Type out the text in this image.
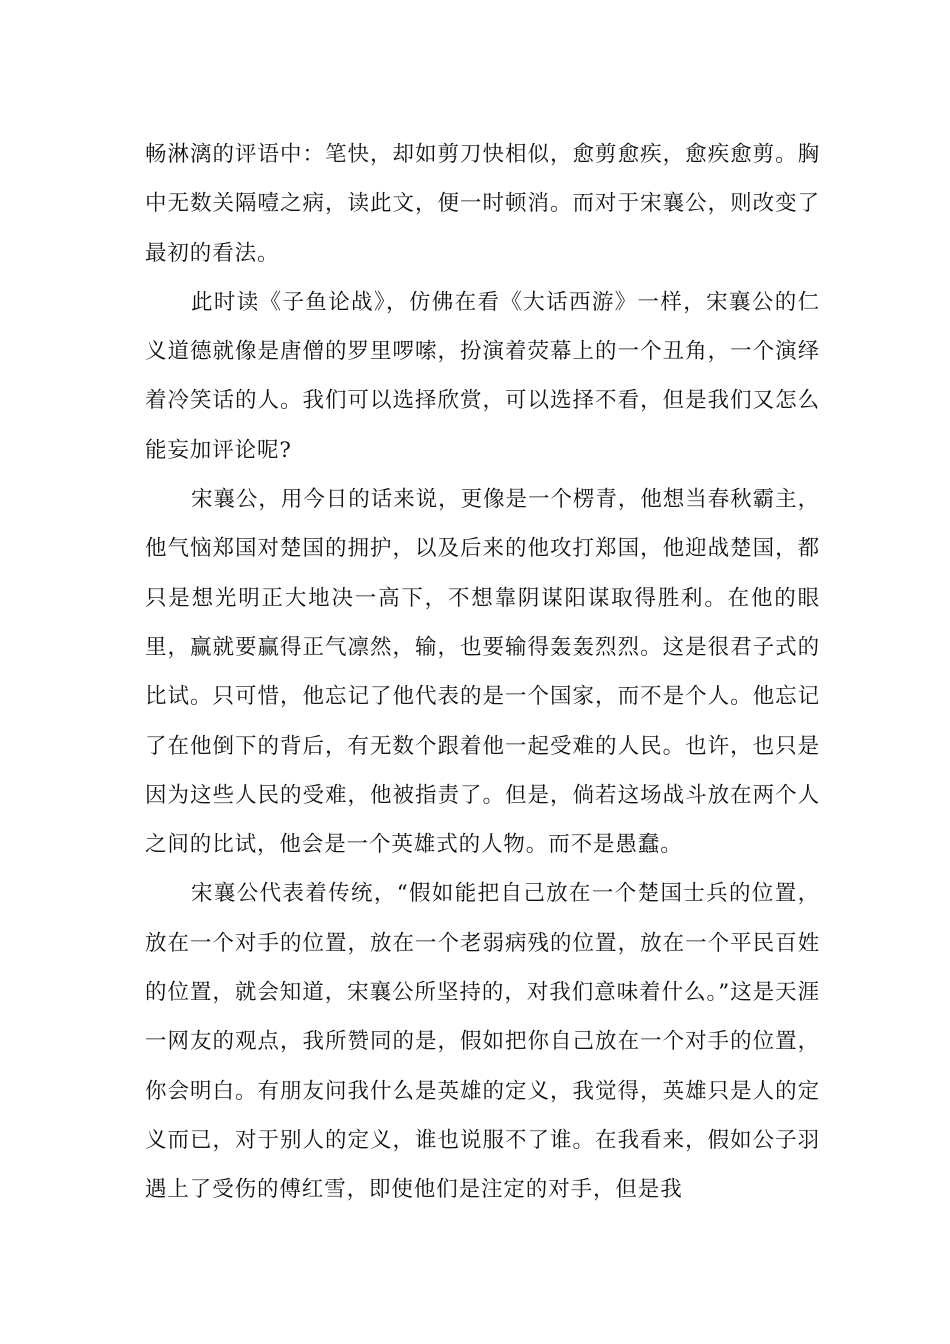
畅淋漓的评语中：笔快，却如剪刀快相似，愈剪愈疾，愈疾愈剪。胸中无数关隔噎之病，读此文，便一时顿消。而对于宋襄公，则改变了最初的看法。

此时读《子鱼论战》，仿佛在看《大话西游》一样，宋襄公的仁义道德就像是唐僧的罗里啰嗦，扮演着荧幕上的一个丑角，一个演绎着冷笑话的人。我们可以选择欣赏，可以选择不看，但是我们又怎么能妄加评论呢?

宋襄公，用今日的话来说，更像是一个楞青，他想当春秋霸主，他气恼郑国对楚国的拥护，以及后来的他攻打郑国，他迎战楚国，都只是想光明正大地决一高下，不想靠阴谋阳谋取得胜利。在他的眼里，赢就要赢得正气凛然，输，也要输得轰轰烈烈。这是很君子式的比试。只可惜，他忘记了他代表的是一个国家，而不是个人。他忘记了在他倒下的背后，有无数个跟着他一起受难的人民。也许，也只是因为这些人民的受难，他被指责了。但是，倘若这场战斗放在两个人之间的比试，他会是一个英雄式的人物。而不是愚蠢。

宋襄公代表着传统，“假如能把自己放在一个楚国士兵的位置，放在一个对手的位置，放在一个老弱病残的位置，放在一个平民百姓的位置，就会知道，宋襄公所坚持的，对我们意味着什么。”这是天涯一网友的观点，我所赞同的是，假如把你自己放在一个对手的位置，你会明白。有朋友问我什么是英雄的定义，我觉得，英雄只是人的定义而已，对于别人的定义，谁也说服不了谁。在我看来，假如公子羽遇上了受伤的傅红雪，即使他们是注定的对手，但是我
